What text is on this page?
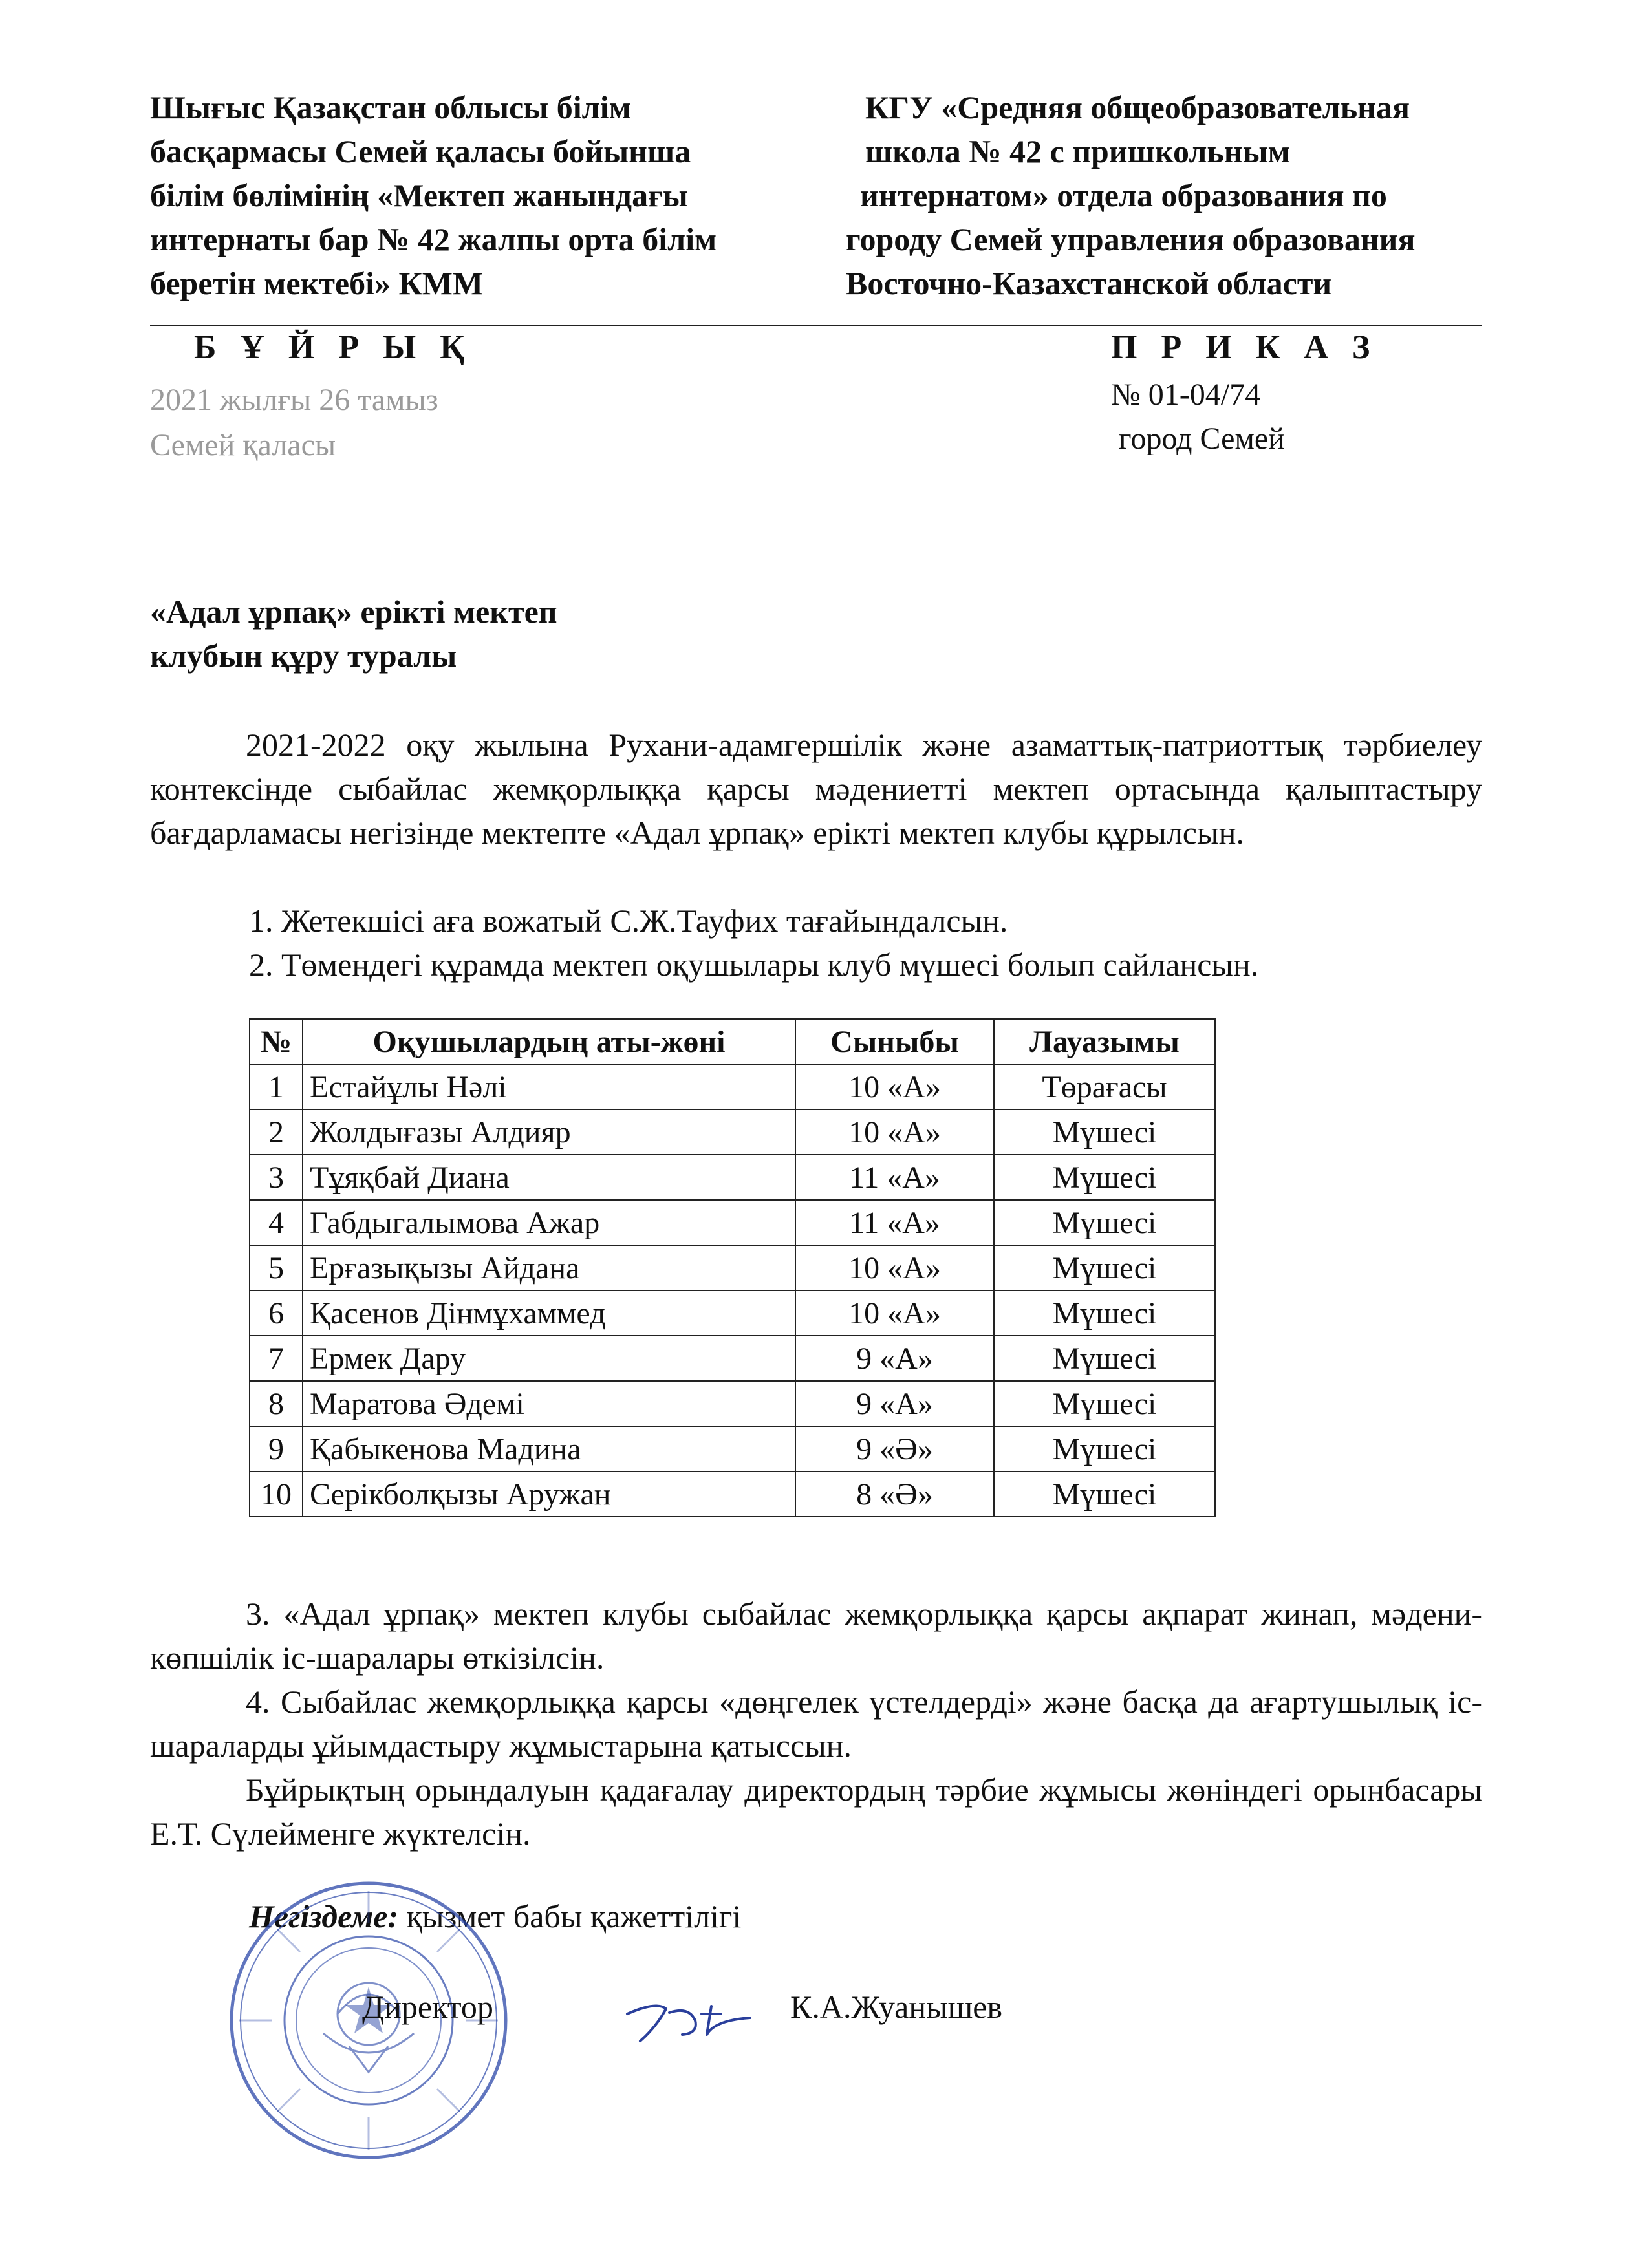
Шығыс Қазақстан облысы білім
басқармасы Семей қаласы бойынша
білім бөлімінің «Мектеп жанындағы
интернаты бар № 42 жалпы орта білім
беретін мектебі» КММ
КГУ «Средняя общеобразовательная
школа № 42 с пришкольным
интернатом» отдела образования по
городу Семей управления образования
Восточно-Казахстанской области
Б Ұ Й Р Ы Қ	П Р И К А З
2021 жылғы 26 тамыз
Семей қаласы
№ 01-04/74
город Семей
«Адал ұрпақ» ерікті мектеп
клубын құру туралы
2021-2022 оқу жылына Рухани-адамгершілік және азаматтық-патриоттық тәрбиелеу контексінде сыбайлас жемқорлыққа қарсы мәдениетті мектеп ортасында қалыптастыру бағдарламасы негізінде мектепте «Адал ұрпақ» ерікті мектеп клубы құрылсын.
1. Жетекшісі аға вожатый С.Ж.Тауфих тағайындалсын.
2. Төмендегі құрамда мектеп оқушылары клуб мүшесі болып сайлансын.
№	Оқушылардың аты-жөні	Сыныбы	Лауазымы
1	Естайұлы Нәлі	10 «А»	Төрағасы
2	Жолдығазы Алдияр	10 «А»	Мүшесі
3	Тұяқбай Диана	11 «А»	Мүшесі
4	Габдыгалымова Ажар	11 «А»	Мүшесі
5	Ерғазықызы Айдана	10 «А»	Мүшесі
6	Қасенов Дінмұхаммед	10 «А»	Мүшесі
7	Ермек Дару	9 «А»	Мүшесі
8	Маратова Әдемі	9 «А»	Мүшесі
9	Қабыкенова Мадина	9 «Ә»	Мүшесі
10	Серікболқызы Аружан	8 «Ә»	Мүшесі
3. «Адал ұрпақ» мектеп клубы сыбайлас жемқорлыққа қарсы ақпарат жинап, мәдени-көпшілік іс-шаралары өткізілсін.
4. Сыбайлас жемқорлыққа қарсы «дөңгелек үстелдерді» және басқа да ағартушылық іс-шараларды ұйымдастыру жұмыстарына қатыссын.
Бұйрықтың орындалуын қадағалау директордың тәрбие жұмысы жөніндегі орынбасары Е.Т. Сүлейменге жүктелсін.
Негіздеме: қызмет бабы қажеттілігі
Директор	К.А.Жуанышев
